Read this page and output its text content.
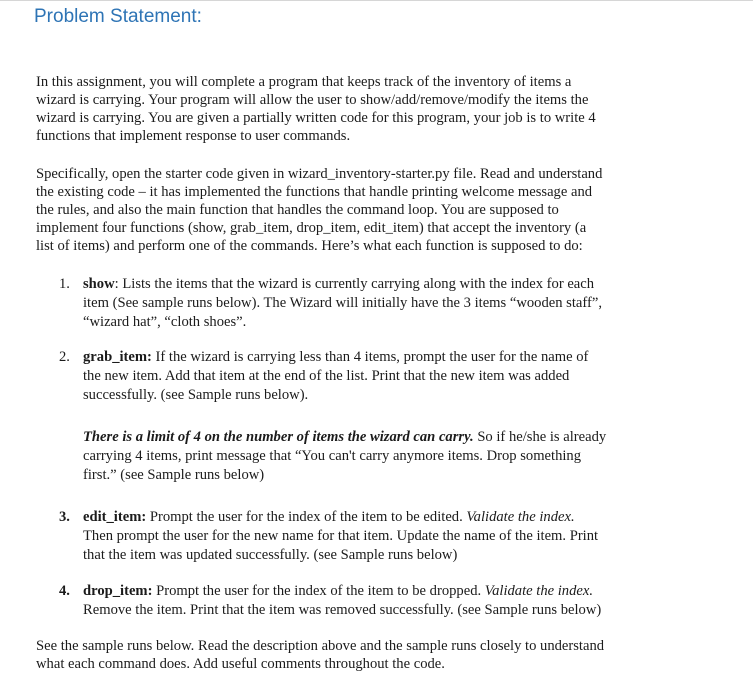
Problem Statement:
In this assignment, you will complete a program that keeps track of the inventory of items a
wizard is carrying. Your program will allow the user to show/add/remove/modify the items the
wizard is carrying. You are given a partially written code for this program, your job is to write 4
functions that implement response to user commands.
Specifically, open the starter code given in wizard_inventory-starter.py file. Read and understand
the existing code – it has implemented the functions that handle printing welcome message and
the rules, and also the main function that handles the command loop. You are supposed to
implement four functions (show, grab_item, drop_item, edit_item) that accept the inventory (a
list of items) and perform one of the commands. Here’s what each function is supposed to do:
1. show: Lists the items that the wizard is currently carrying along with the index for each
item (See sample runs below). The Wizard will initially have the 3 items “wooden staff”,
“wizard hat”, “cloth shoes”.
2. grab_item: If the wizard is carrying less than 4 items, prompt the user for the name of
the new item. Add that item at the end of the list. Print that the new item was added
successfully. (see Sample runs below).
There is a limit of 4 on the number of items the wizard can carry. So if he/she is already
carrying 4 items, print message that “You can't carry anymore items. Drop something
first.” (see Sample runs below)
3. edit_item: Prompt the user for the index of the item to be edited. Validate the index.
Then prompt the user for the new name for that item. Update the name of the item. Print
that the item was updated successfully. (see Sample runs below)
4. drop_item: Prompt the user for the index of the item to be dropped. Validate the index.
Remove the item. Print that the item was removed successfully. (see Sample runs below)
See the sample runs below. Read the description above and the sample runs closely to understand
what each command does. Add useful comments throughout the code.
